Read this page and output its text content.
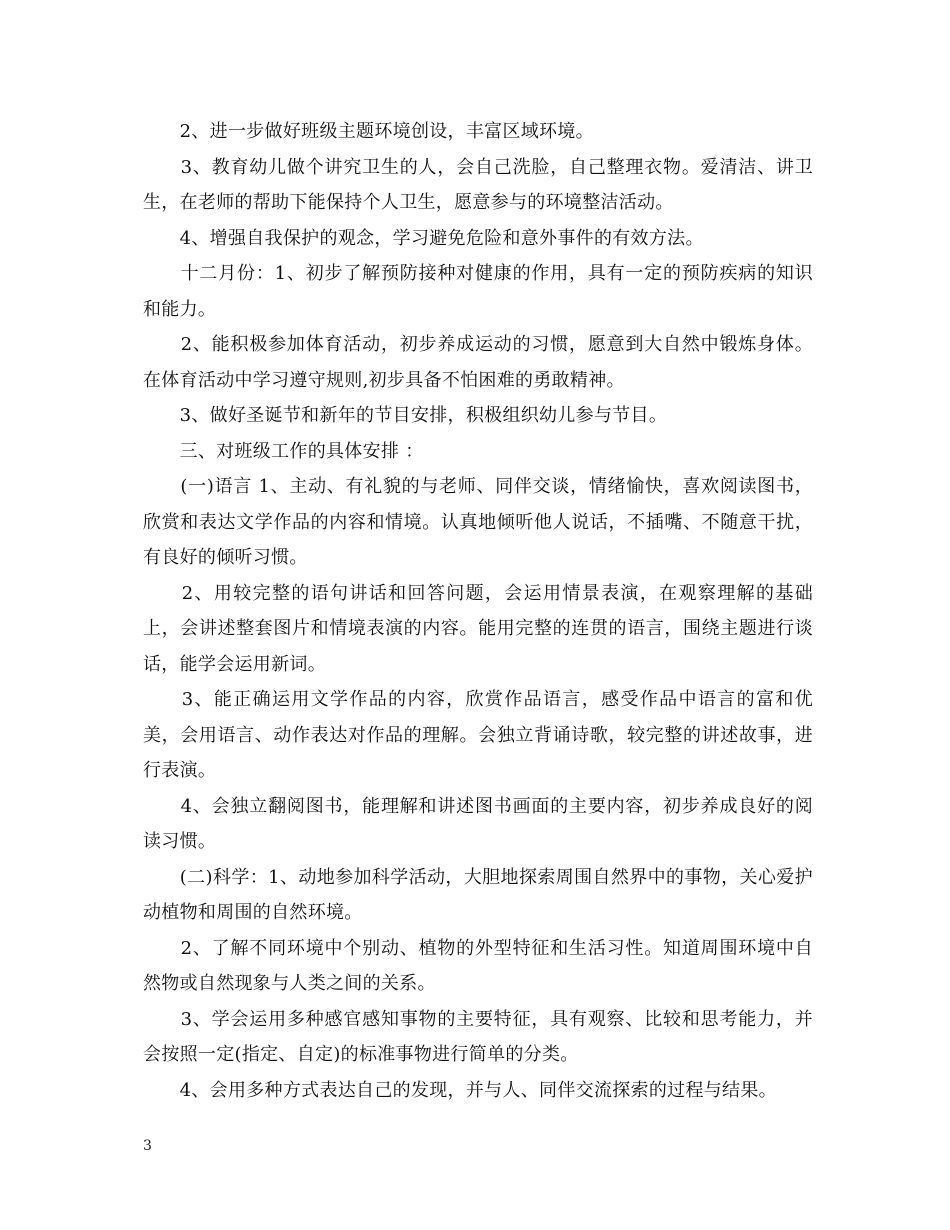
　　2、进一步做好班级主题环境创设，丰富区域环境。

　　3、教育幼儿做个讲究卫生的人，会自己洗脸，自己整理衣物。爱清洁、讲卫生，在老师的帮助下能保持个人卫生，愿意参与的环境整洁活动。

　　4、增强自我保护的观念，学习避免危险和意外事件的有效方法。

　　十二月份：1、初步了解预防接种对健康的作用，具有一定的预防疾病的知识和能力。

　　2、能积极参加体育活动，初步养成运动的习惯，愿意到大自然中锻炼身体。在体育活动中学习遵守规则,初步具备不怕困难的勇敢精神。

　　3、做好圣诞节和新年的节目安排，积极组织幼儿参与节目。

　　三、对班级工作的具体安排 ：

　　(一)语言 1、主动、有礼貌的与老师、同伴交谈，情绪愉快，喜欢阅读图书，欣赏和表达文学作品的内容和情境。认真地倾听他人说话，不插嘴、不随意干扰，有良好的倾听习惯。

　　2、用较完整的语句讲话和回答问题，会运用情景表演，在观察理解的基础上，会讲述整套图片和情境表演的内容。能用完整的连贯的语言，围绕主题进行谈话，能学会运用新词。

　　3、能正确运用文学作品的内容，欣赏作品语言，感受作品中语言的富和优美，会用语言、动作表达对作品的理解。会独立背诵诗歌，较完整的讲述故事，进行表演。

　　4、会独立翻阅图书，能理解和讲述图书画面的主要内容，初步养成良好的阅读习惯。

　　(二)科学：1、动地参加科学活动，大胆地探索周围自然界中的事物，关心爱护动植物和周围的自然环境。

　　2、了解不同环境中个别动、植物的外型特征和生活习性。知道周围环境中自然物或自然现象与人类之间的关系。

　　3、学会运用多种感官感知事物的主要特征，具有观察、比较和思考能力，并会按照一定(指定、自定)的标准事物进行简单的分类。

　　4、会用多种方式表达自己的发现，并与人、同伴交流探索的过程与结果。

3
